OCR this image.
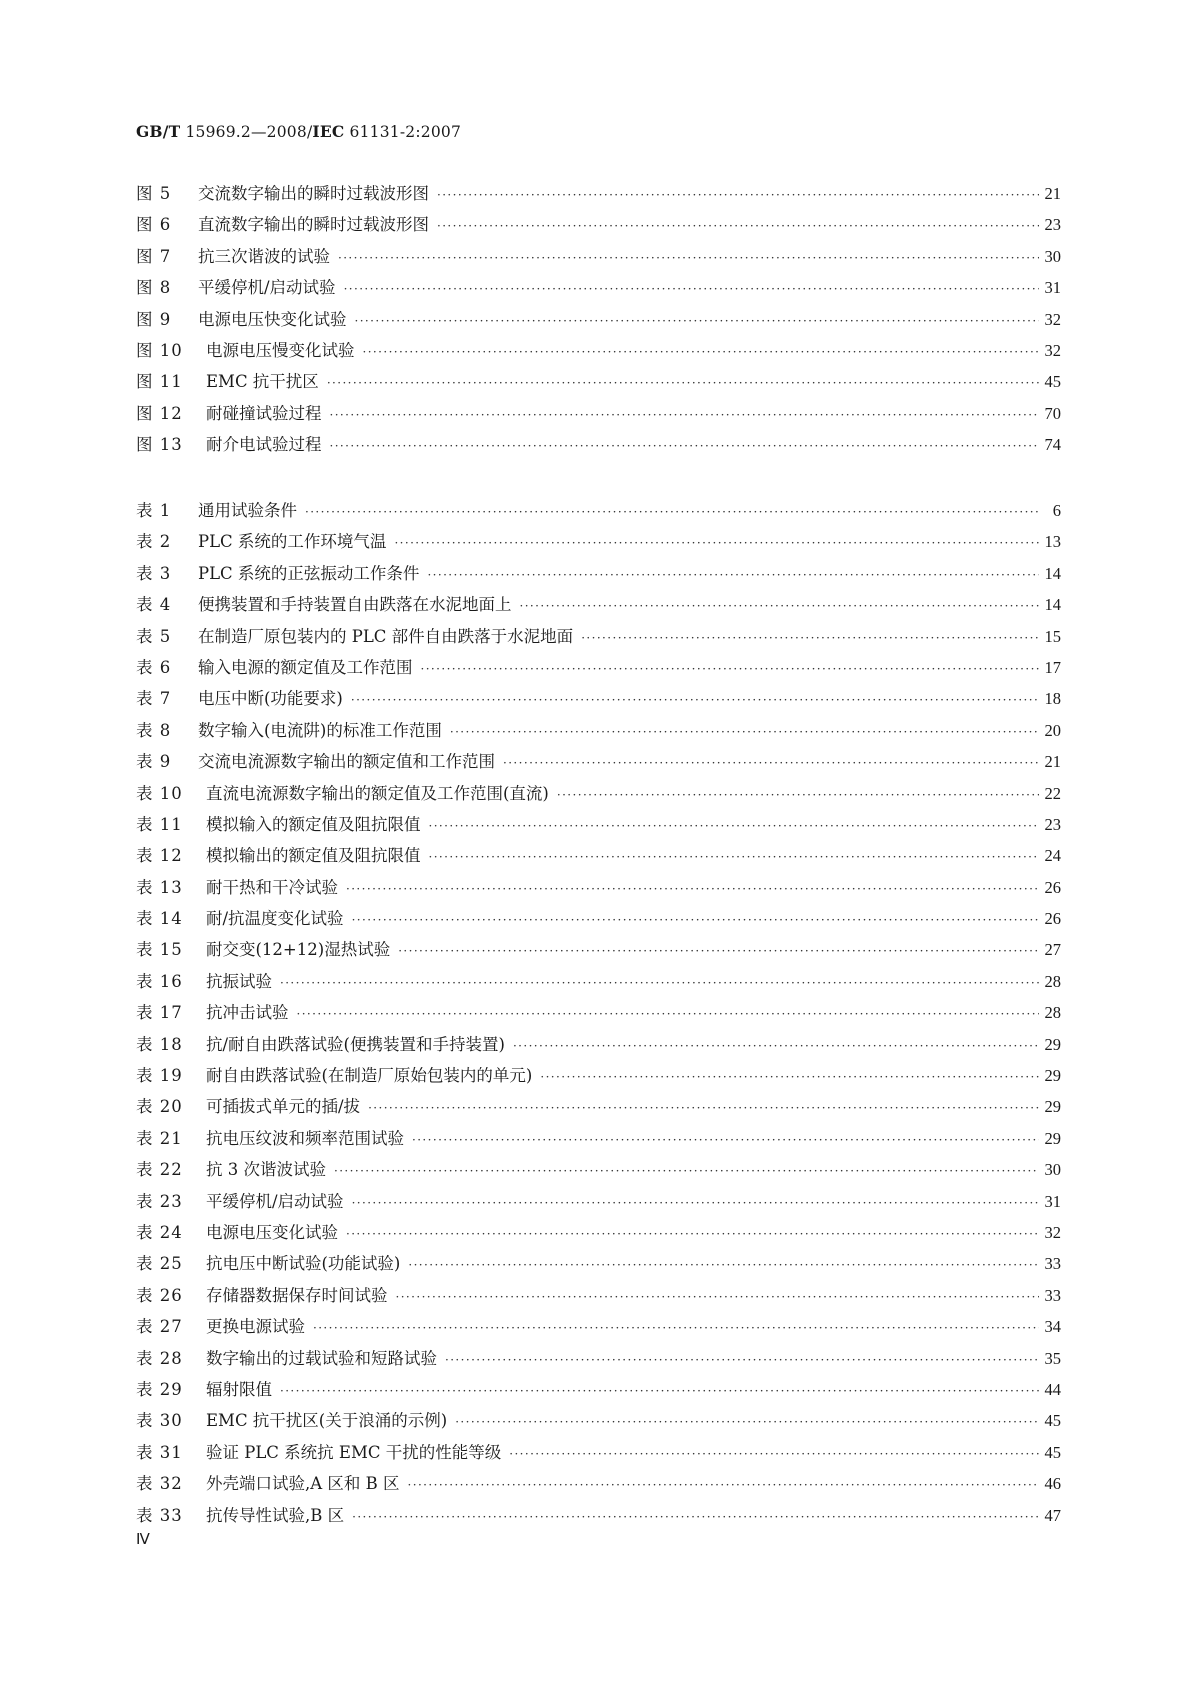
GB/T 15969.2—2008/IEC 61131-2:2007
图 5	交流数字输出的瞬时过载波形图 ·····	21
图 6	直流数字输出的瞬时过载波形图 ·····	23
图 7	抗三次谐波的试验 ·····	30
图 8	平缓停机/启动试验 ·····	31
图 9	电源电压快变化试验 ·····	32
图 10	电源电压慢变化试验 ·····	32
图 11	EMC 抗干扰区 ·····	45
图 12	耐碰撞试验过程 ·····	70
图 13	耐介电试验过程 ·····	74
表 1	通用试验条件 ·····	6
表 2	PLC 系统的工作环境气温 ·····	13
表 3	PLC 系统的正弦振动工作条件 ·····	14
表 4	便携装置和手持装置自由跌落在水泥地面上 ·····	14
表 5	在制造厂原包装内的 PLC 部件自由跌落于水泥地面 ·····	15
表 6	输入电源的额定值及工作范围 ·····	17
表 7	电压中断(功能要求) ·····	18
表 8	数字输入(电流阱)的标准工作范围 ·····	20
表 9	交流电流源数字输出的额定值和工作范围 ·····	21
表 10	直流电流源数字输出的额定值及工作范围(直流) ·····	22
表 11	模拟输入的额定值及阻抗限值 ·····	23
表 12	模拟输出的额定值及阻抗限值 ·····	24
表 13	耐干热和干冷试验 ·····	26
表 14	耐/抗温度变化试验 ·····	26
表 15	耐交变(12+12)湿热试验 ·····	27
表 16	抗振试验 ·····	28
表 17	抗冲击试验 ·····	28
表 18	抗/耐自由跌落试验(便携装置和手持装置) ·····	29
表 19	耐自由跌落试验(在制造厂原始包装内的单元) ·····	29
表 20	可插拔式单元的插/拔 ·····	29
表 21	抗电压纹波和频率范围试验 ·····	29
表 22	抗 3 次谐波试验 ·····	30
表 23	平缓停机/启动试验 ·····	31
表 24	电源电压变化试验 ·····	32
表 25	抗电压中断试验(功能试验) ·····	33
表 26	存储器数据保存时间试验 ·····	33
表 27	更换电源试验 ·····	34
表 28	数字输出的过载试验和短路试验 ·····	35
表 29	辐射限值 ·····	44
表 30	EMC 抗干扰区(关于浪涌的示例) ·····	45
表 31	验证 PLC 系统抗 EMC 干扰的性能等级 ·····	45
表 32	外壳端口试验,A 区和 B 区 ·····	46
表 33	抗传导性试验,B 区 ·····	47
Ⅳ
